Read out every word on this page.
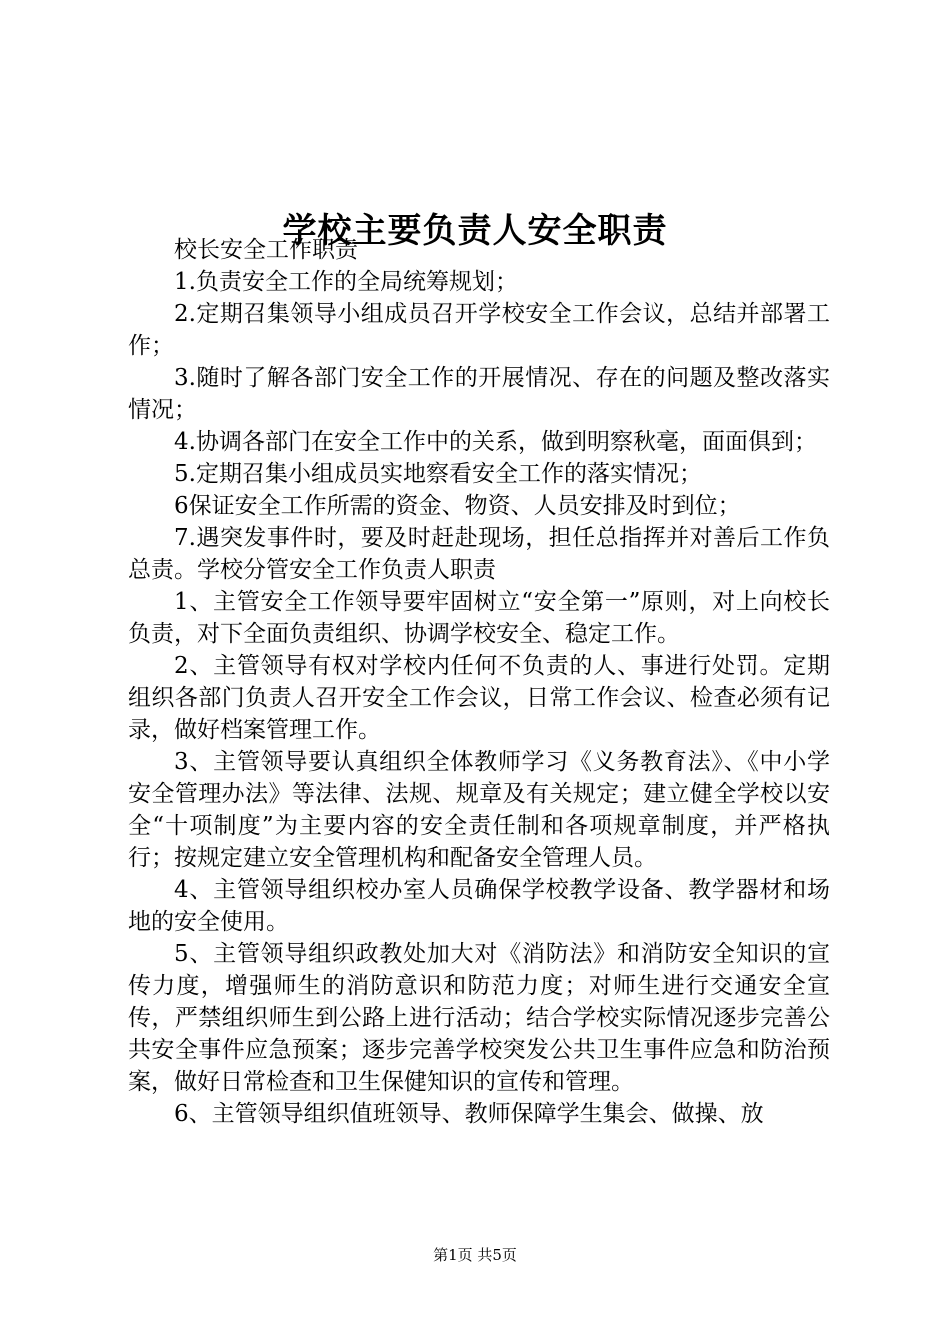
学校主要负责人安全职责

校长安全工作职责

1.负责安全工作的全局统筹规划；

2.定期召集领导小组成员召开学校安全工作会议，总结并部署工作；

3.随时了解各部门安全工作的开展情况、存在的问题及整改落实情况；

4.协调各部门在安全工作中的关系，做到明察秋毫，面面俱到；

5.定期召集小组成员实地察看安全工作的落实情况；

6保证安全工作所需的资金、物资、人员安排及时到位；

7.遇突发事件时，要及时赶赴现场，担任总指挥并对善后工作负总责。学校分管安全工作负责人职责

1、主管安全工作领导要牢固树立“安全第一”原则，对上向校长负责，对下全面负责组织、协调学校安全、稳定工作。

2、主管领导有权对学校内任何不负责的人、事进行处罚。定期组织各部门负责人召开安全工作会议，日常工作会议、检查必须有记录，做好档案管理工作。

3、主管领导要认真组织全体教师学习《义务教育法》、《中小学安全管理办法》等法律、法规、规章及有关规定；建立健全学校以安全“十项制度”为主要内容的安全责任制和各项规章制度，并严格执行；按规定建立安全管理机构和配备安全管理人员。

4、主管领导组织校办室人员确保学校教学设备、教学器材和场地的安全使用。

5、主管领导组织政教处加大对《消防法》和消防安全知识的宣传力度，增强师生的消防意识和防范力度；对师生进行交通安全宣传，严禁组织师生到公路上进行活动；结合学校实际情况逐步完善公共安全事件应急预案；逐步完善学校突发公共卫生事件应急和防治预案，做好日常检查和卫生保健知识的宣传和管理。

6、主管领导组织值班领导、教师保障学生集会、做操、放

第1页 共5页
